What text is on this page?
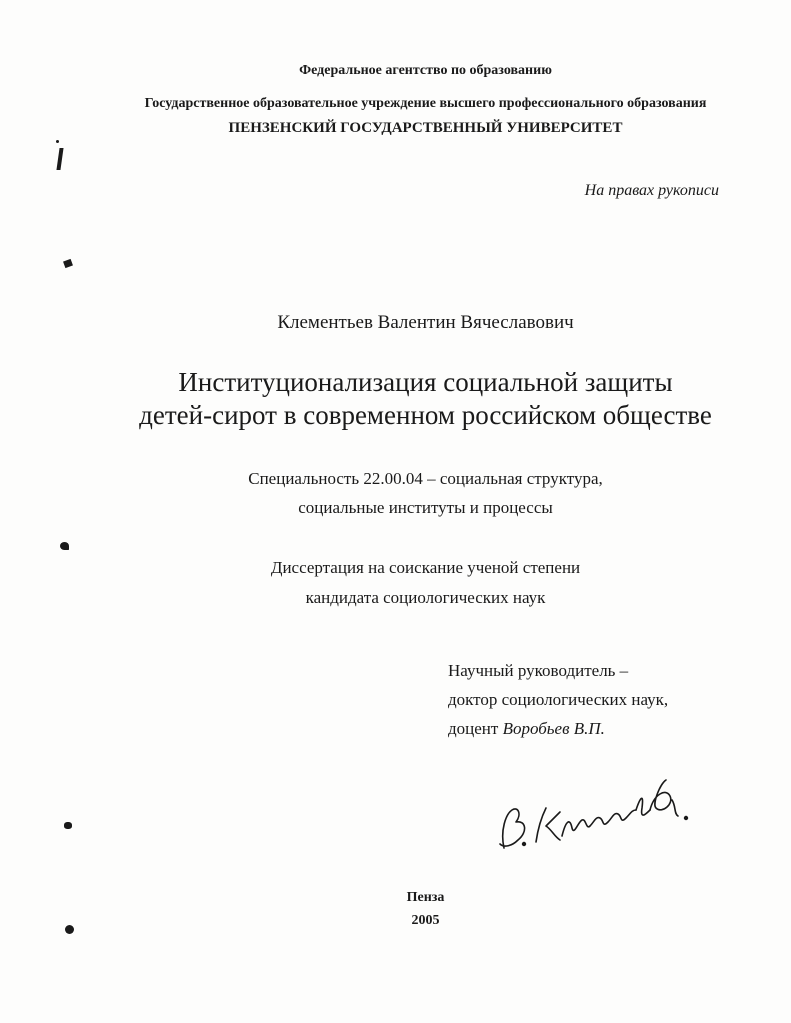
Федеральное агентство по образованию
Государственное образовательное учреждение высшего профессионального образования
ПЕНЗЕНСКИЙ ГОСУДАРСТВЕННЫЙ УНИВЕРСИТЕТ
На правах рукописи
Клементьев Валентин Вячеславович
Институционализация социальной защиты
детей-сирот в современном российском обществе
Специальность 22.00.04 – социальная структура,
социальные институты и процессы
Диссертация на соискание ученой степени
кандидата социологических наук
Научный руководитель –
доктор социологических наук,
доцент Воробьев В.П.
Пенза
2005
